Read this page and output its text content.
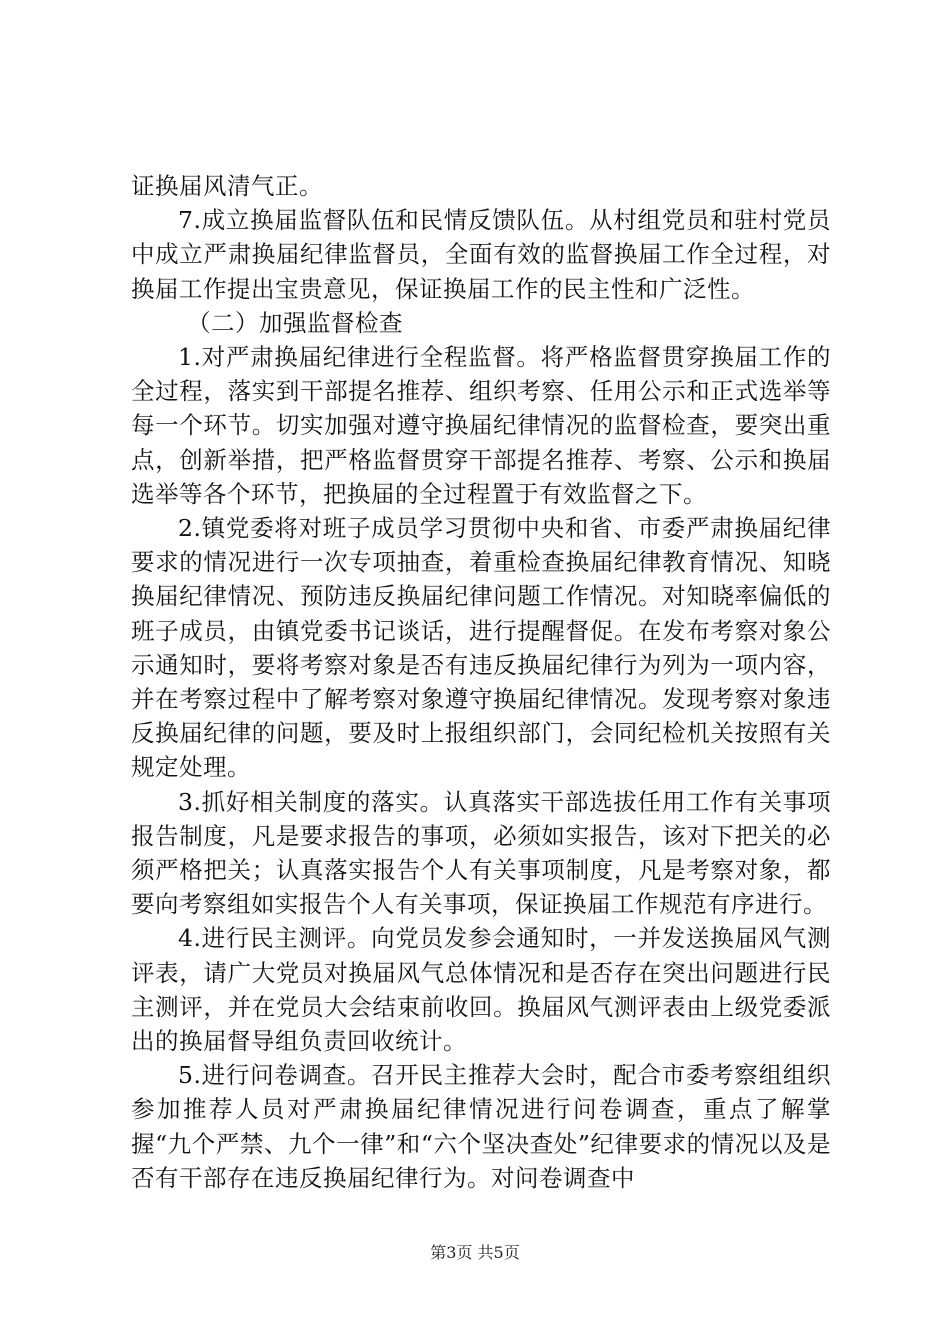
证换届风清气正。

7.成立换届监督队伍和民情反馈队伍。从村组党员和驻村党员中成立严肃换届纪律监督员，全面有效的监督换届工作全过程，对换届工作提出宝贵意见，保证换届工作的民主性和广泛性。

（二）加强监督检查

1.对严肃换届纪律进行全程监督。将严格监督贯穿换届工作的全过程，落实到干部提名推荐、组织考察、任用公示和正式选举等每一个环节。切实加强对遵守换届纪律情况的监督检查，要突出重点，创新举措，把严格监督贯穿干部提名推荐、考察、公示和换届选举等各个环节，把换届的全过程置于有效监督之下。

2.镇党委将对班子成员学习贯彻中央和省、市委严肃换届纪律要求的情况进行一次专项抽查，着重检查换届纪律教育情况、知晓换届纪律情况、预防违反换届纪律问题工作情况。对知晓率偏低的班子成员，由镇党委书记谈话，进行提醒督促。在发布考察对象公示通知时，要将考察对象是否有违反换届纪律行为列为一项内容，并在考察过程中了解考察对象遵守换届纪律情况。发现考察对象违反换届纪律的问题，要及时上报组织部门，会同纪检机关按照有关规定处理。

3.抓好相关制度的落实。认真落实干部选拔任用工作有关事项报告制度，凡是要求报告的事项，必须如实报告，该对下把关的必须严格把关；认真落实报告个人有关事项制度，凡是考察对象，都要向考察组如实报告个人有关事项，保证换届工作规范有序进行。

4.进行民主测评。向党员发参会通知时，一并发送换届风气测评表，请广大党员对换届风气总体情况和是否存在突出问题进行民主测评，并在党员大会结束前收回。换届风气测评表由上级党委派出的换届督导组负责回收统计。

5.进行问卷调查。召开民主推荐大会时，配合市委考察组组织参加推荐人员对严肃换届纪律情况进行问卷调查，重点了解掌握“九个严禁、九个一律”和“六个坚决查处”纪律要求的情况以及是否有干部存在违反换届纪律行为。对问卷调查中

第3页 共5页
